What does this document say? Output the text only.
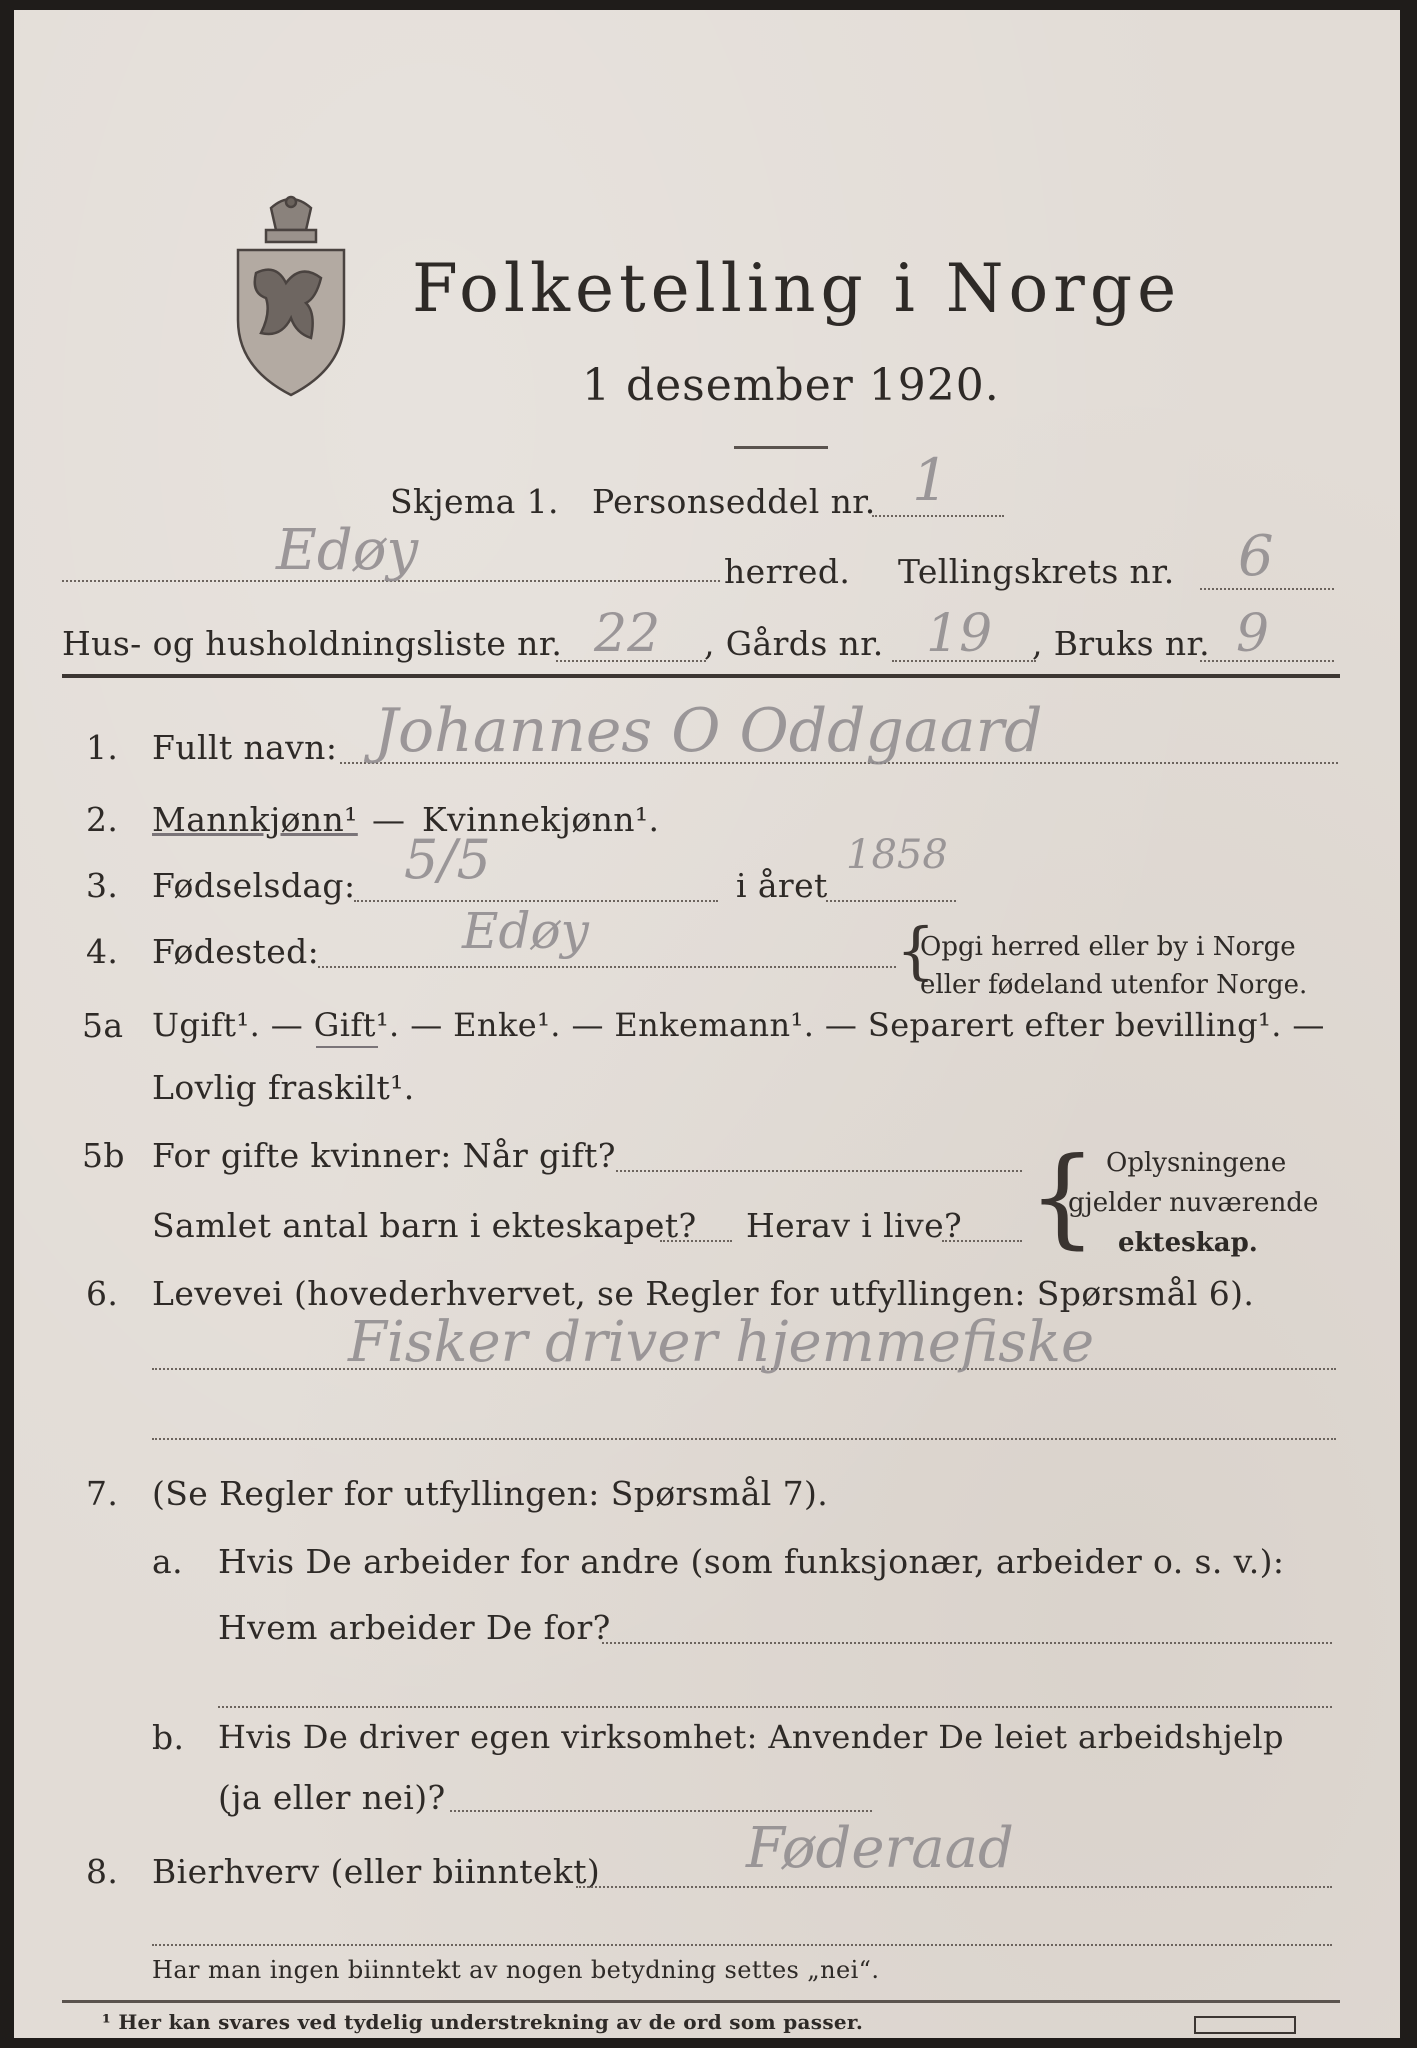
Folketelling i Norge
1 desember 1920.
Skjema 1. Personseddel nr. 1
Edøy	herred. Tellingskrets nr. 6
Hus- og husholdningsliste nr. 22 , Gårds nr. 19 , Bruks nr. 9
1. Fullt navn: Johannes O Oddgaard
2. Mannkjønn¹ — Kvinnekjønn¹.
3. Fødselsdag: 5/5	i året
1858
4. Fødested:	Edøy	{
Opgi herred eller by i Norge
eller fødeland utenfor Norge.
5a Ugift¹. — Gift¹. — Enke¹. — Enkemann¹. — Separert efter bevilling¹. —
Lovlig fraskilt¹.
5b For gifte kvinner: Når gift?
Samlet antal barn i ekteskapet? Herav i live? { Oplysningene
gjelder nuværende
ekteskap.
6. Levevei (hovederhvervet, se Regler for utfyllingen: Spørsmål 6).
Fisker driver hjemmefiske
7. (Se Regler for utfyllingen: Spørsmål 7).
a. Hvis De arbeider for andre (som funksjonær, arbeider o. s. v.):
Hvem arbeider De for?
b. Hvis De driver egen virksomhet: Anvender De leiet arbeidshjelp
(ja eller nei)?
8. Bierhverv (eller biinntekt)	Føderaad
Har man ingen biinntekt av nogen betydning settes „nei“.
¹ Her kan svares ved tydelig understrekning av de ord som passer.
